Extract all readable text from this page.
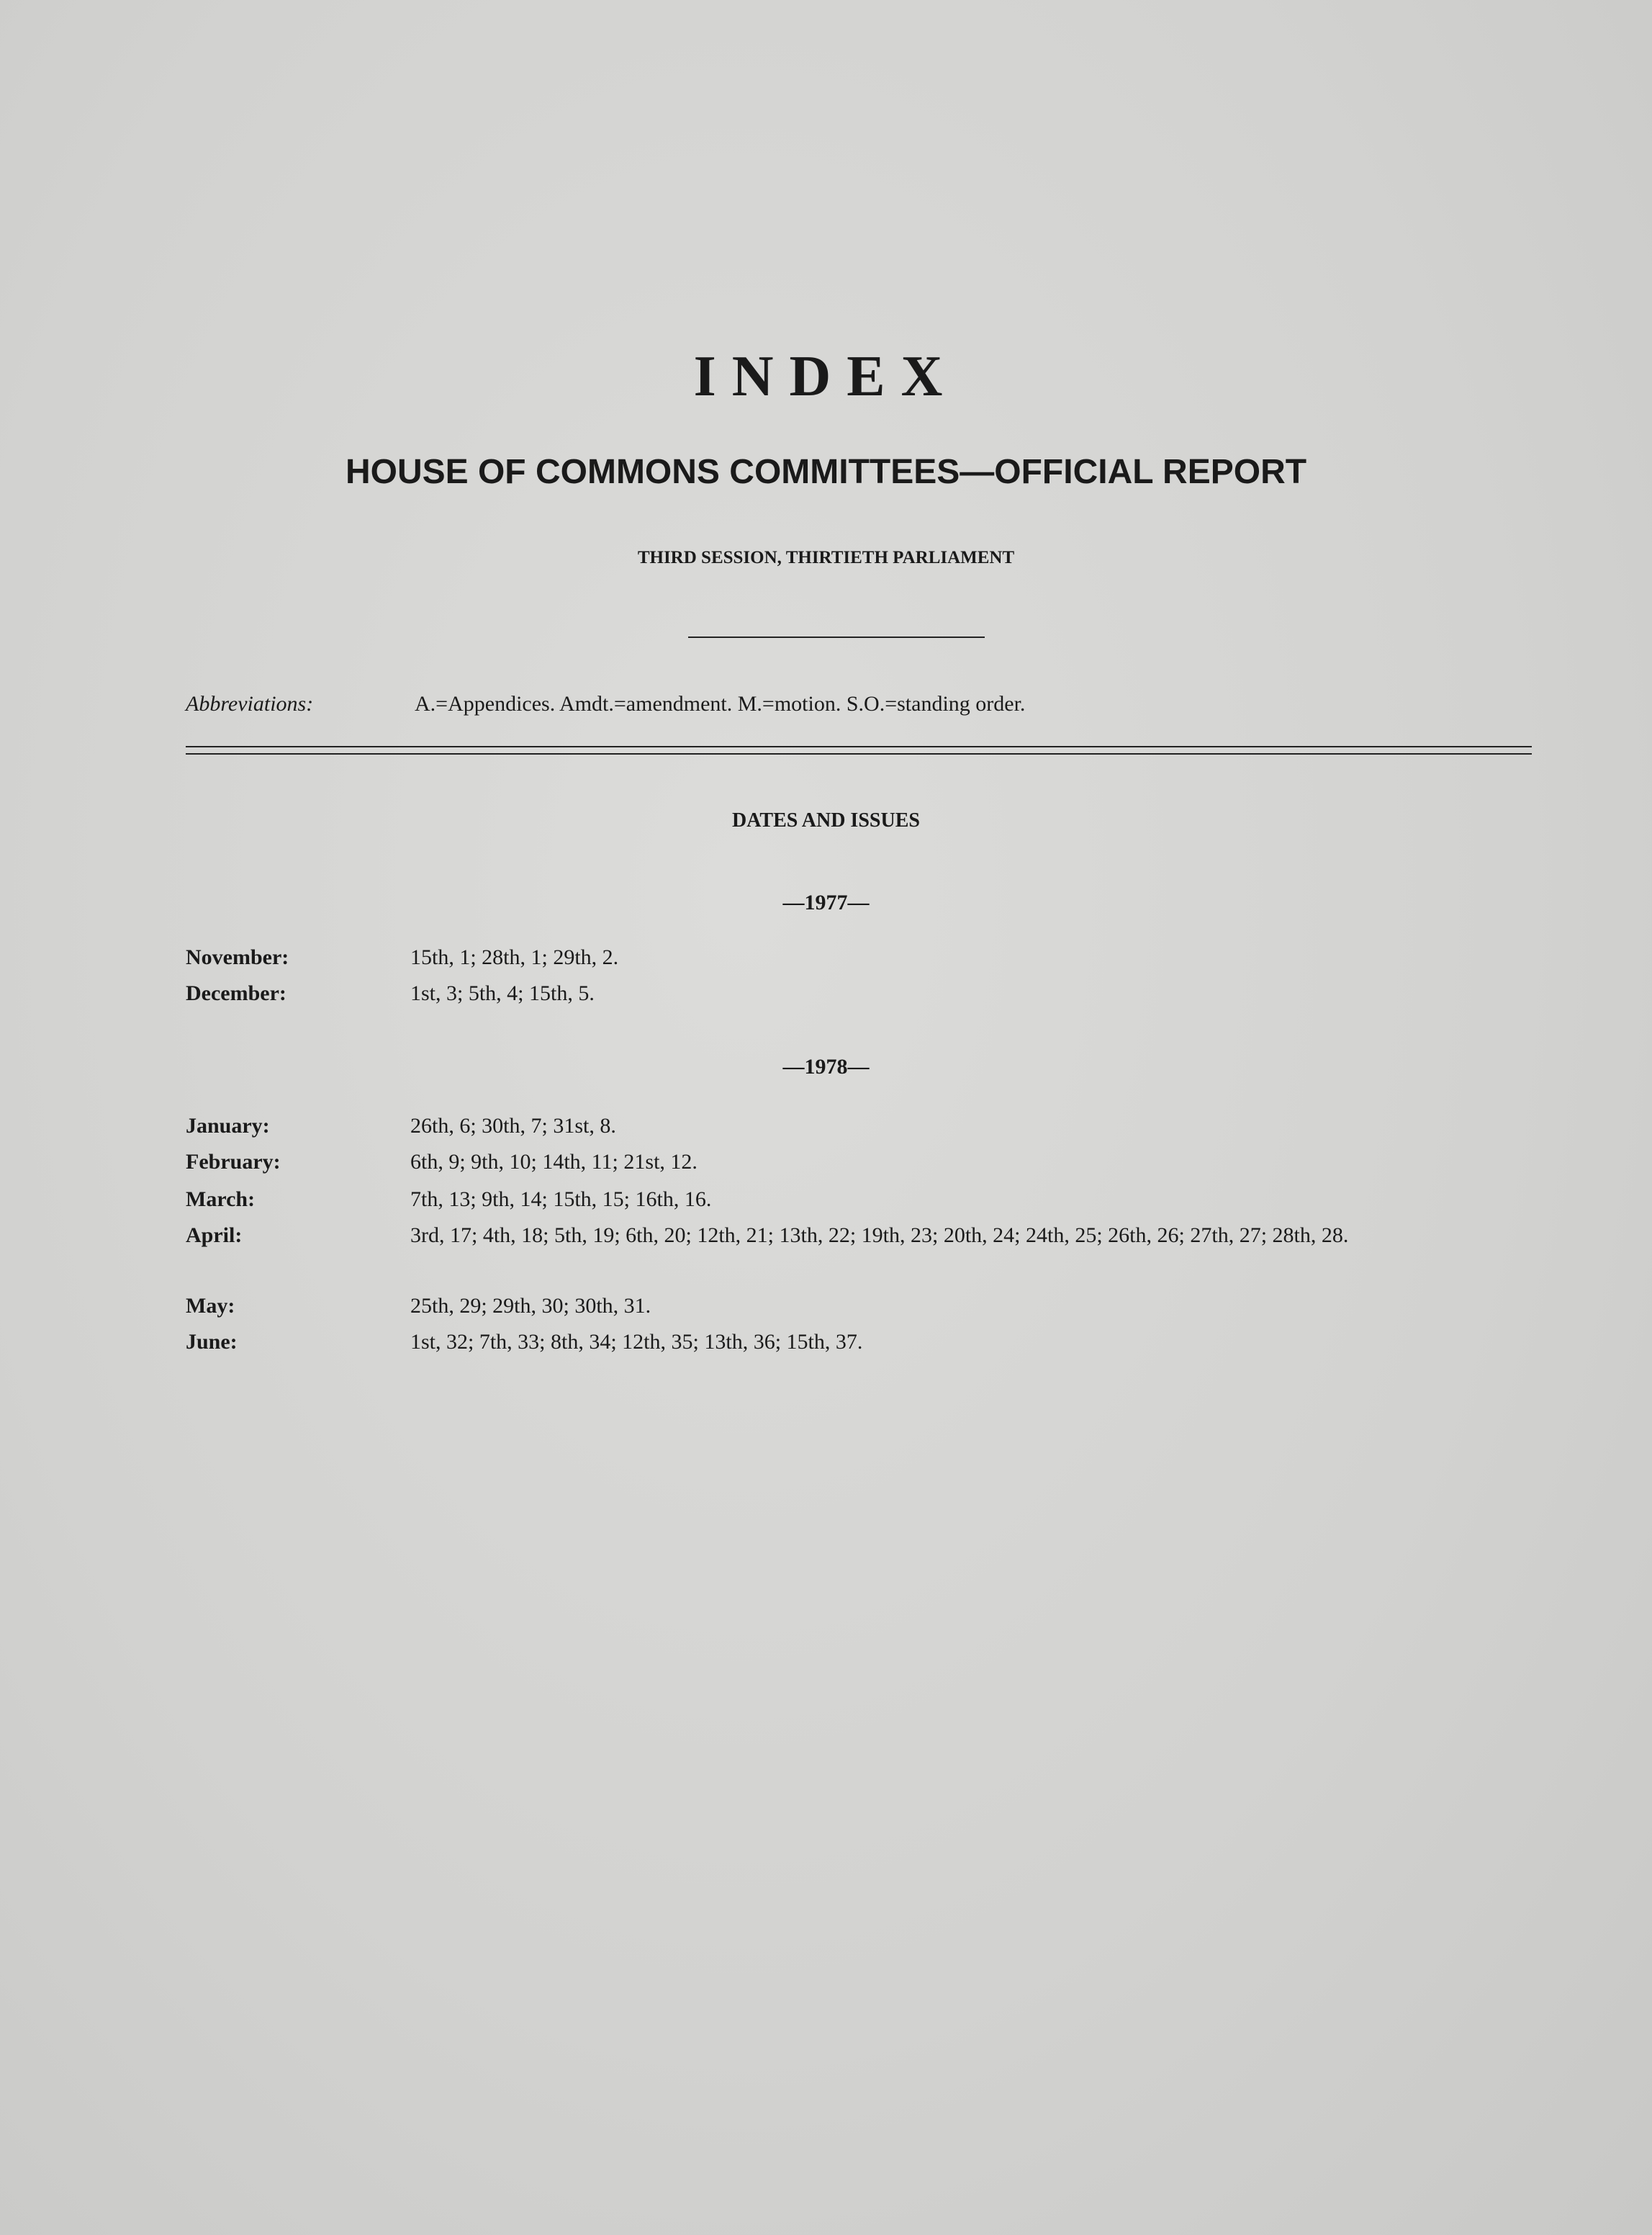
INDEX
HOUSE OF COMMONS COMMITTEES—OFFICIAL REPORT
THIRD SESSION, THIRTIETH PARLIAMENT
Abbreviations:	A.=Appendices. Amdt.=amendment. M.=motion. S.O.=standing order.
DATES AND ISSUES
—1977—
November:	15th, 1; 28th, 1; 29th, 2.
December:	1st, 3; 5th, 4; 15th, 5.
—1978—
January:	26th, 6; 30th, 7; 31st, 8.
February:	6th, 9; 9th, 10; 14th, 11; 21st, 12.
March:	7th, 13; 9th, 14; 15th, 15; 16th, 16.
April:	3rd, 17; 4th, 18; 5th, 19; 6th, 20; 12th, 21; 13th, 22; 19th, 23; 20th, 24; 24th, 25; 26th, 26; 27th, 27; 28th, 28.
May:	25th, 29; 29th, 30; 30th, 31.
June:	1st, 32; 7th, 33; 8th, 34; 12th, 35; 13th, 36; 15th, 37.
